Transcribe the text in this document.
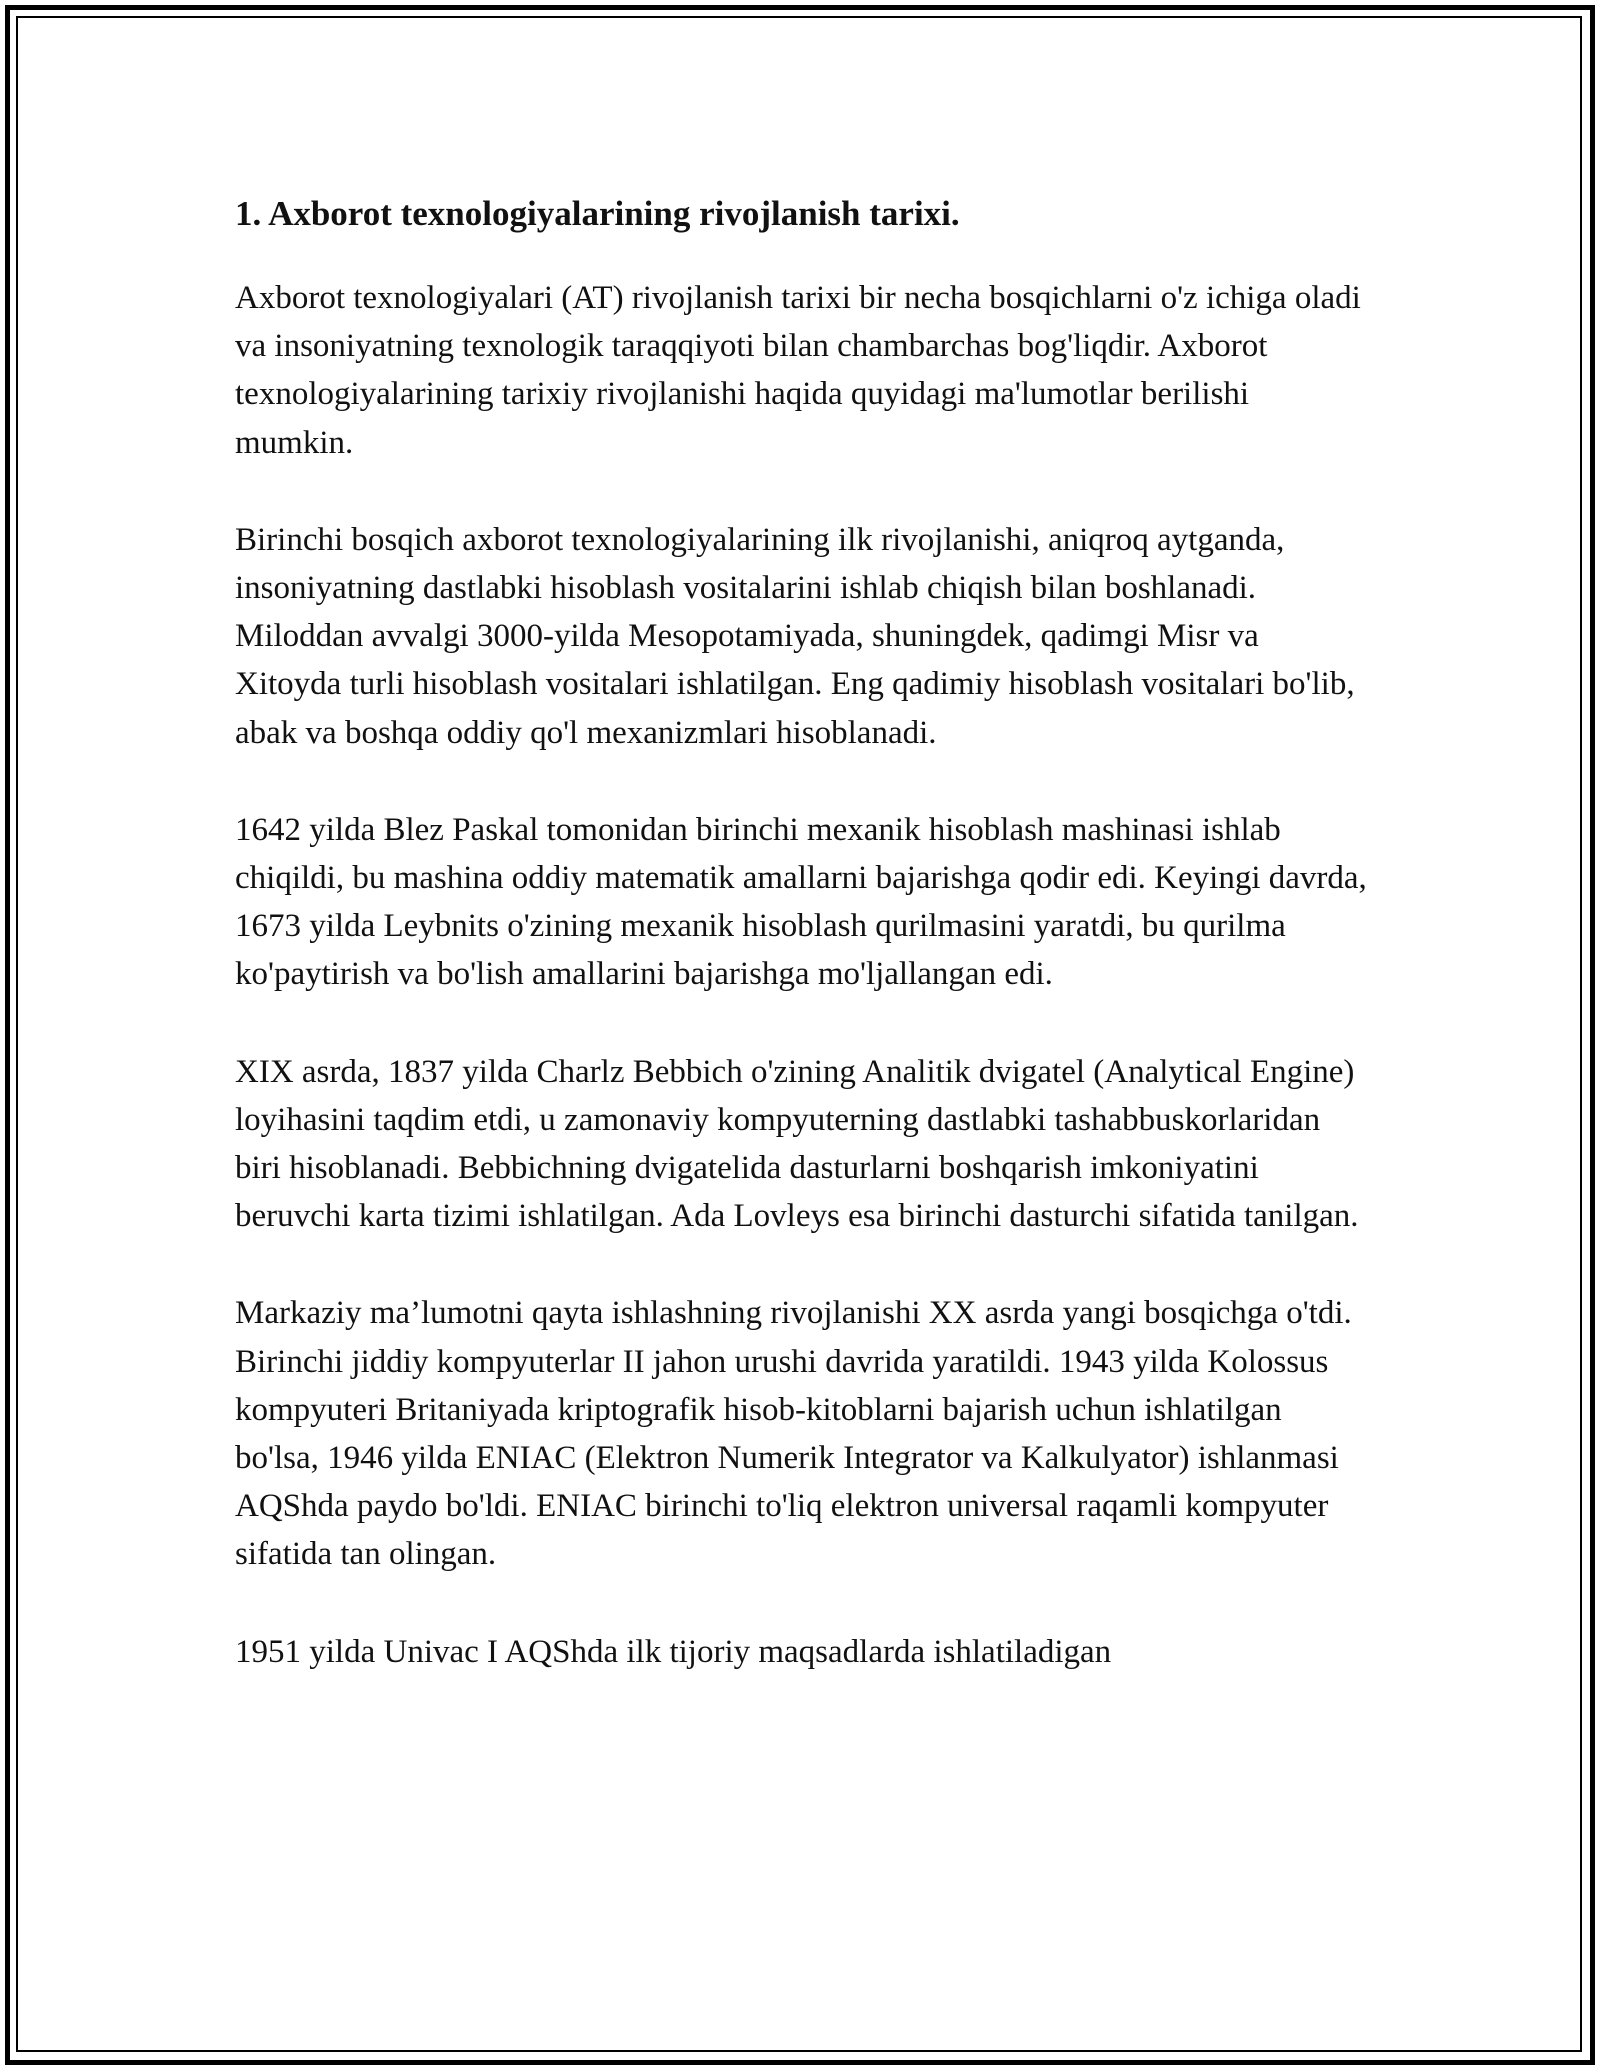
1. Axborot texnologiyalarining rivojlanish tarixi.

Axborot texnologiyalari (AT) rivojlanish tarixi bir necha bosqichlarni o'z ichiga oladi va insoniyatning texnologik taraqqiyoti bilan chambarchas bog'liqdir. Axborot texnologiyalarining tarixiy rivojlanishi haqida quyidagi ma'lumotlar berilishi mumkin.

Birinchi bosqich axborot texnologiyalarining ilk rivojlanishi, aniqroq aytganda, insoniyatning dastlabki hisoblash vositalarini ishlab chiqish bilan boshlanadi. Miloddan avvalgi 3000-yilda Mesopotamiyada, shuningdek, qadimgi Misr va Xitoyda turli hisoblash vositalari ishlatilgan. Eng qadimiy hisoblash vositalari bo'lib, abak va boshqa oddiy qo'l mexanizmlari hisoblanadi.

1642 yilda Blez Paskal tomonidan birinchi mexanik hisoblash mashinasi ishlab chiqildi, bu mashina oddiy matematik amallarni bajarishga qodir edi. Keyingi davrda, 1673 yilda Leybnits o'zining mexanik hisoblash qurilmasini yaratdi, bu qurilma ko'paytirish va bo'lish amallarini bajarishga mo'ljallangan edi.

XIX asrda, 1837 yilda Charlz Bebbich o'zining Analitik dvigatel (Analytical Engine) loyihasini taqdim etdi, u zamonaviy kompyuterning dastlabki tashabbuskorlaridan biri hisoblanadi. Bebbichning dvigatelida dasturlarni boshqarish imkoniyatini beruvchi karta tizimi ishlatilgan. Ada Lovleys esa birinchi dasturchi sifatida tanilgan.

Markaziy ma’lumotni qayta ishlashning rivojlanishi XX asrda yangi bosqichga o'tdi. Birinchi jiddiy kompyuterlar II jahon urushi davrida yaratildi. 1943 yilda Kolossus kompyuteri Britaniyada kriptografik hisob-kitoblarni bajarish uchun ishlatilgan bo'lsa, 1946 yilda ENIAC (Elektron Numerik Integrator va Kalkulyator) ishlanmasi AQShda paydo bo'ldi. ENIAC birinchi to'liq elektron universal raqamli kompyuter sifatida tan olingan.

1951 yilda Univac I AQShda ilk tijoriy maqsadlarda ishlatiladigan
